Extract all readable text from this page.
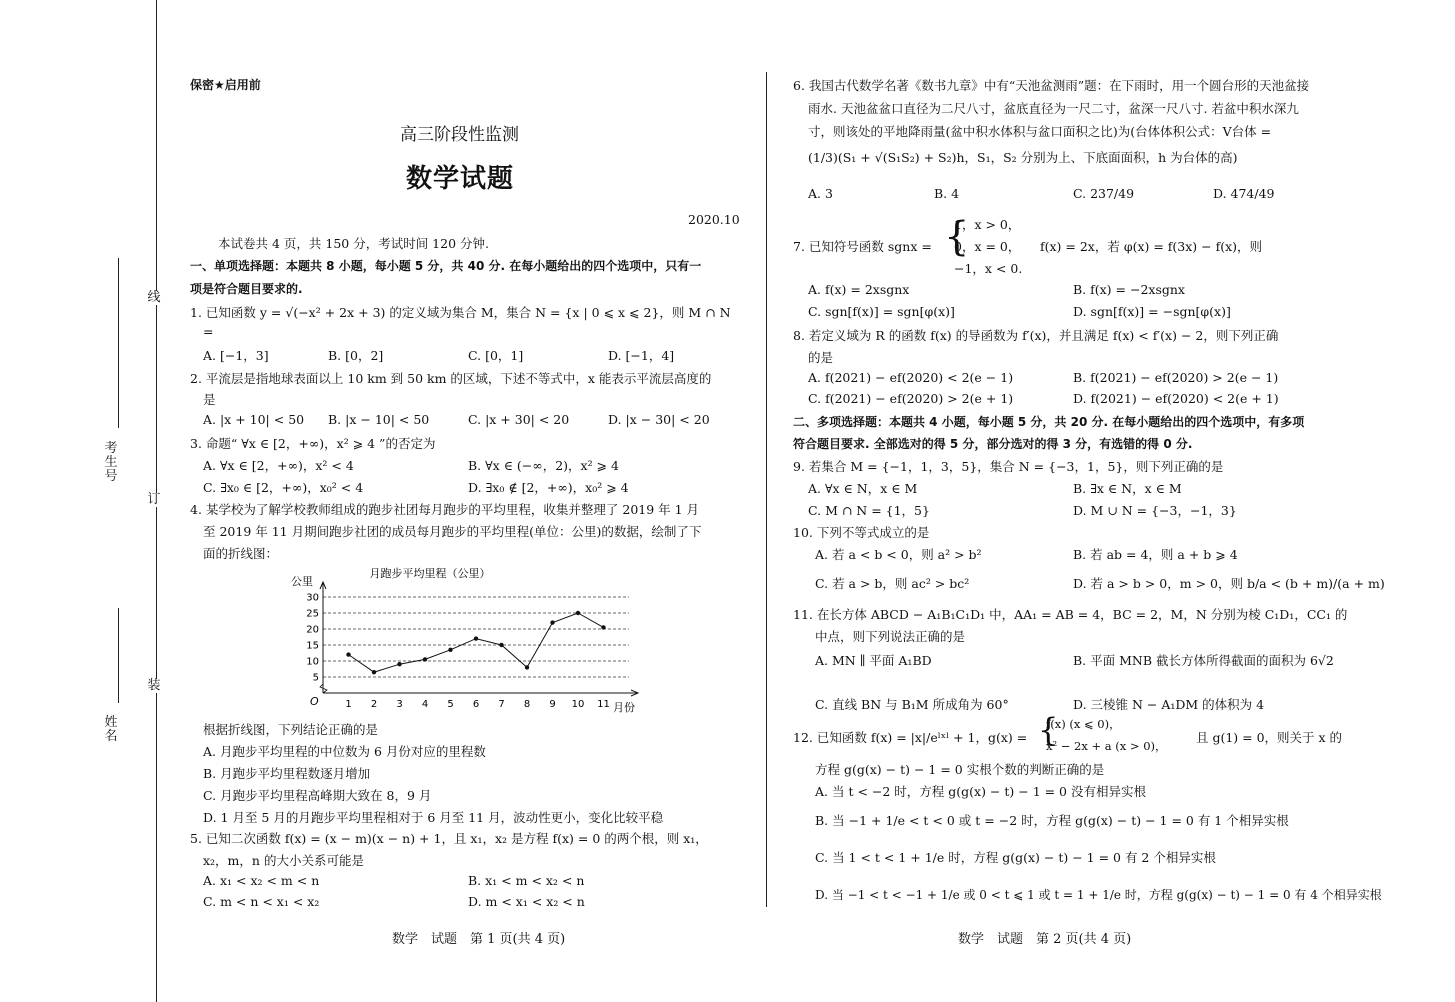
线
订
装
考生号
姓名
保密★启用前
高三阶段性监测
数学试题
2020.10
本试卷共 4 页，共 150 分，考试时间 120 分钟.
一、单项选择题：本题共 8 小题，每小题 5 分，共 40 分. 在每小题给出的四个选项中，只有一
项是符合题目要求的.
1. 已知函数 y = √(−x² + 2x + 3) 的定义域为集合 M，集合 N = {x | 0 ⩽ x ⩽ 2}，则 M ∩ N
=
A. [−1，3]	B. [0，2]	C. [0，1]	D. [−1，4]
2. 平流层是指地球表面以上 10 km 到 50 km 的区域，下述不等式中，x 能表示平流层高度的
是
A. |x + 10| < 50 B. |x − 10| < 50	C. |x + 30| < 20	D. |x − 30| < 20
3. 命题“ ∀x ∈ [2，+∞)，x² ⩾ 4 ”的否定为
A. ∀x ∈ [2，+∞)，x² < 4	B. ∀x ∈ (−∞，2)，x² ⩾ 4
C. ∃x₀ ∈ [2，+∞)，x₀² < 4	D. ∃x₀ ∉ [2，+∞)，x₀² ⩾ 4
4. 某学校为了解学校教师组成的跑步社团每月跑步的平均里程，收集并整理了 2019 年 1 月
至 2019 年 11 月期间跑步社团的成员每月跑步的平均里程(单位：公里)的数据，绘制了下
面的折线图：
月跑步平均里程（公里）
公里
月份
O
5
10
15
20
25
30
1 2 3 4 5 6 7 8 9 10 11
根据折线图，下列结论正确的是
A. 月跑步平均里程的中位数为 6 月份对应的里程数
B. 月跑步平均里程数逐月增加
C. 月跑步平均里程高峰期大致在 8，9 月
D. 1 月至 5 月的月跑步平均里程相对于 6 月至 11 月，波动性更小，变化比较平稳
5. 已知二次函数 f(x) = (x − m)(x − n) + 1，且 x₁，x₂ 是方程 f(x) = 0 的两个根，则 x₁，
x₂，m，n 的大小关系可能是
A. x₁ < x₂ < m < n	B. x₁ < m < x₂ < n
C. m < n < x₁ < x₂	D. m < x₁ < x₂ < n
数学　试题　第 1 页(共 4 页)
6. 我国古代数学名著《数书九章》中有“天池盆测雨”题：在下雨时，用一个圆台形的天池盆接
雨水. 天池盆盆口直径为二尺八寸，盆底直径为一尺二寸，盆深一尺八寸. 若盆中积水深九
寸，则该处的平地降雨量(盆中积水体积与盆口面积之比)为(台体体积公式：V台体 =
(1/3)(S₁ + √(S₁S₂) + S₂)h，S₁，S₂ 分别为上、下底面面积，h 为台体的高)
A. 3	B. 4	C. 237/49	D. 474/49
7. 已知符号函数 sgnx = {
1，x > 0，
0，x = 0，
−1，x < 0.
f(x) = 2x，若 φ(x) = f(3x) − f(x)，则
A. f(x) = 2xsgnx	B. f(x) = −2xsgnx
C. sgn[f(x)] = sgn[φ(x)]	D. sgn[f(x)] = −sgn[φ(x)]
8. 若定义域为 R 的函数 f(x) 的导函数为 f′(x)，并且满足 f(x) < f′(x) − 2，则下列正确
的是
A. f(2021) − ef(2020) < 2(e − 1)	B. f(2021) − ef(2020) > 2(e − 1)
C. f(2021) − ef(2020) > 2(e + 1)	D. f(2021) − ef(2020) < 2(e + 1)
二、多项选择题：本题共 4 小题，每小题 5 分，共 20 分. 在每小题给出的四个选项中，有多项
符合题目要求. 全部选对的得 5 分，部分选对的得 3 分，有选错的得 0 分.
9. 若集合 M = {−1，1，3，5}，集合 N = {−3，1，5}，则下列正确的是
A. ∀x ∈ N，x ∈ M	B. ∃x ∈ N，x ∈ M
C. M ∩ N = {1，5}	D. M ∪ N = {−3，−1，3}
10. 下列不等式成立的是
A. 若 a < b < 0，则 a² > b²	B. 若 ab = 4，则 a + b ⩾ 4
C. 若 a > b，则 ac² > bc²	D. 若 a > b > 0，m > 0，则 b/a < (b + m)/(a + m)
11. 在长方体 ABCD − A₁B₁C₁D₁ 中，AA₁ = AB = 4，BC = 2，M，N 分别为棱 C₁D₁，CC₁ 的
中点，则下列说法正确的是
A. MN ∥ 平面 A₁BD	B. 平面 MNB 截长方体所得截面的面积为 6√2
C. 直线 BN 与 B₁M 所成角为 60°	D. 三棱锥 N − A₁DM 的体积为 4
12. 已知函数 f(x) = |x|/eˡˣˡ + 1，g(x) = {
f(x) (x ⩽ 0)，
x² − 2x + a (x > 0)，
且 g(1) = 0，则关于 x 的
方程 g(g(x) − t) − 1 = 0 实根个数的判断正确的是
A. 当 t < −2 时，方程 g(g(x) − t) − 1 = 0 没有相异实根
B. 当 −1 + 1/e < t < 0 或 t = −2 时，方程 g(g(x) − t) − 1 = 0 有 1 个相异实根
C. 当 1 < t < 1 + 1/e 时，方程 g(g(x) − t) − 1 = 0 有 2 个相异实根
D. 当 −1 < t < −1 + 1/e 或 0 < t ⩽ 1 或 t = 1 + 1/e 时，方程 g(g(x) − t) − 1 = 0 有 4 个相异实根
数学　试题　第 2 页(共 4 页)
